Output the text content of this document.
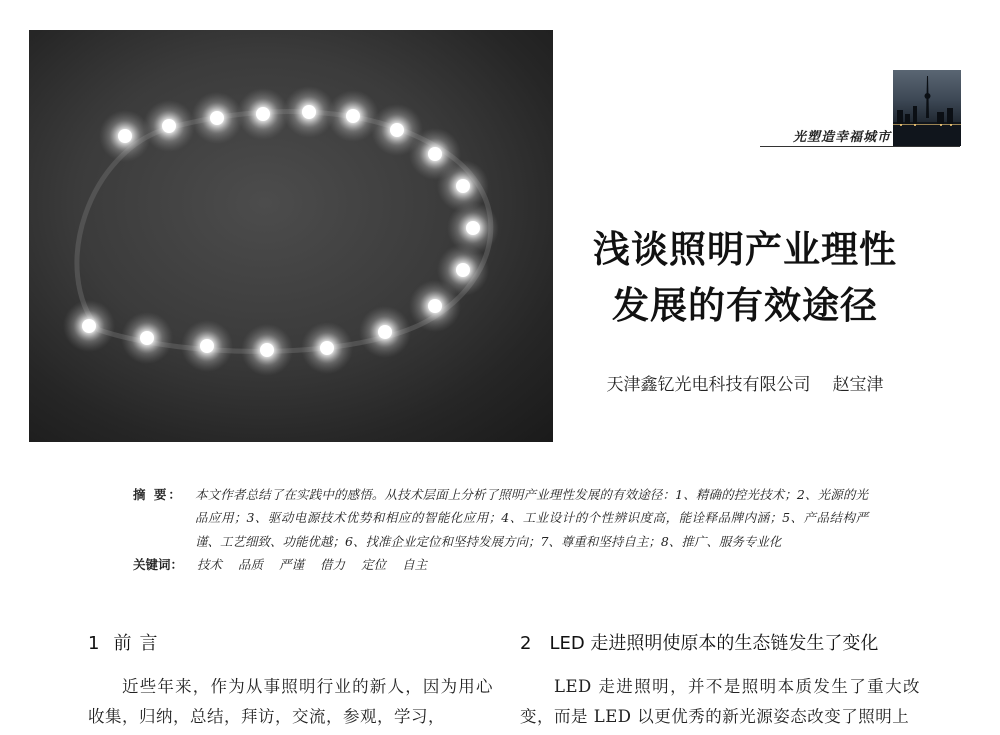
光塑造幸福城市
浅谈照明产业理性
发展的有效途径
天津鑫钇光电科技有限公司 赵宝津
摘 要： 本文作者总结了在实践中的感悟。从技术层面上分析了照明产业理性发展的有效途径：1、精确的控光技术；2、光源的光品应用；3、驱动电源技术优势和相应的智能化应用；4、工业设计的个性辨识度高，能诠释品牌内涵；5、产品结构严谨、工艺细致、功能优越；6、找准企业定位和坚持发展方向；7、尊重和坚持自主；8、推广、服务专业化
关键词：	技术 品质 严谨 借力 定位 自主
1 前言
近些年来，作为从事照明行业的新人，因为用心收集，归纳，总结，拜访，交流，参观，学习，
2 LED 走进照明使原本的生态链发生了变化
LED 走进照明，并不是照明本质发生了重大改变，而是 LED 以更优秀的新光源姿态改变了照明上
